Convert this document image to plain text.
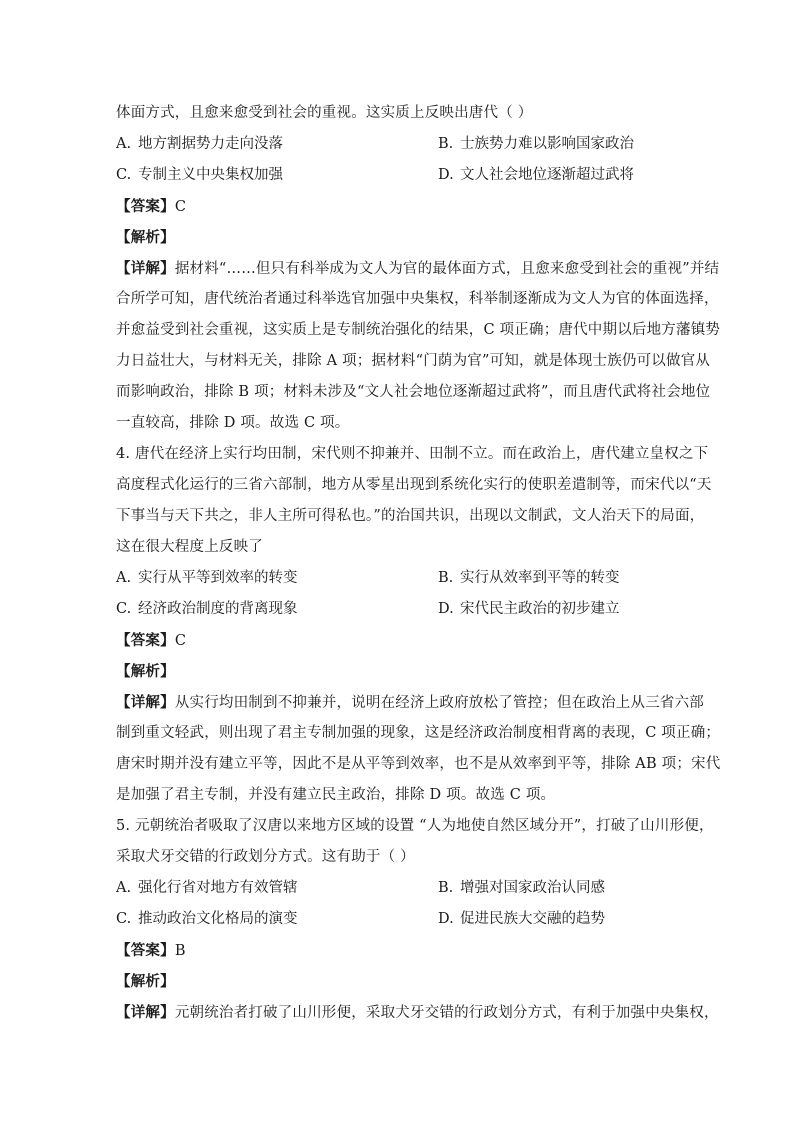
体面方式，且愈来愈受到社会的重视。这实质上反映出唐代（ ）
A. 地方割据势力走向没落	B. 士族势力难以影响国家政治
C. 专制主义中央集权加强	D. 文人社会地位逐渐超过武将
【答案】C
【解析】
【详解】据材料“……但只有科举成为文人为官的最体面方式，且愈来愈受到社会的重视”并结
合所学可知，唐代统治者通过科举选官加强中央集权，科举制逐渐成为文人为官的体面选择，
并愈益受到社会重视，这实质上是专制统治强化的结果，C 项正确；唐代中期以后地方藩镇势
力日益壮大，与材料无关，排除 A 项；据材料“门荫为官”可知，就是体现士族仍可以做官从
而影响政治，排除 B 项；材料未涉及“文人社会地位逐渐超过武将”，而且唐代武将社会地位
一直较高，排除 D 项。故选 C 项。
4. 唐代在经济上实行均田制，宋代则不抑兼并、田制不立。而在政治上，唐代建立皇权之下
高度程式化运行的三省六部制，地方从零星出现到系统化实行的使职差遣制等，而宋代以“天
下事当与天下共之，非人主所可得私也。”的治国共识，出现以文制武，文人治天下的局面，
这在很大程度上反映了
A. 实行从平等到效率的转变	B. 实行从效率到平等的转变
C. 经济政治制度的背离现象	D. 宋代民主政治的初步建立
【答案】C
【解析】
【详解】从实行均田制到不抑兼并，说明在经济上政府放松了管控；但在政治上从三省六部
制到重文轻武，则出现了君主专制加强的现象，这是经济政治制度相背离的表现，C 项正确；
唐宋时期并没有建立平等，因此不是从平等到效率，也不是从效率到平等，排除 AB 项；宋代
是加强了君主专制，并没有建立民主政治，排除 D 项。故选 C 项。
5. 元朝统治者吸取了汉唐以来地方区域的设置 “人为地使自然区域分开”，打破了山川形便，
采取犬牙交错的行政划分方式。这有助于（ ）
A. 强化行省对地方有效管辖	B. 增强对国家政治认同感
C. 推动政治文化格局的演变	D. 促进民族大交融的趋势
【答案】B
【解析】
【详解】元朝统治者打破了山川形便，采取犬牙交错的行政划分方式，有利于加强中央集权，
